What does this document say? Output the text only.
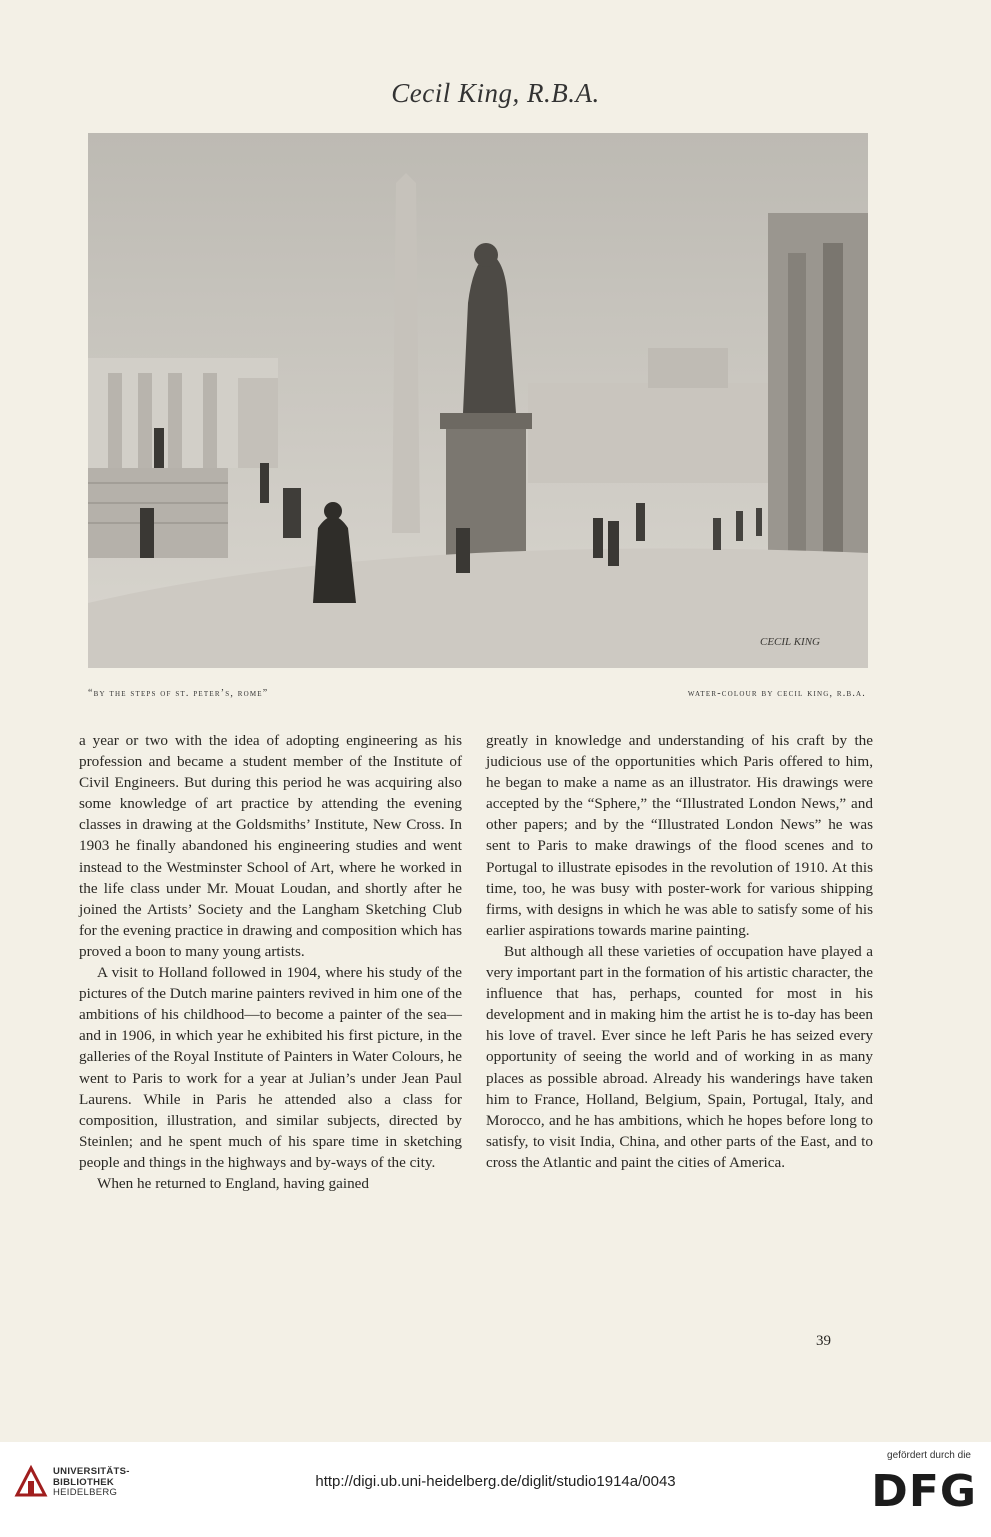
Cecil King, R.B.A.
CECIL KING
“by the steps of st. peter’s, rome”	water-colour by cecil king, r.b.a.

a year or two with the idea of adopting engineering as his profession and became a student member of the Institute of Civil Engineers. But during this period he was acquiring also some knowledge of art practice by attending the evening classes in drawing at the Goldsmiths’ Institute, New Cross. In 1903 he finally abandoned his engineering studies and went instead to the Westminster School of Art, where he worked in the life class under Mr. Mouat Loudan, and shortly after he joined the Artists’ Society and the Langham Sketching Club for the evening practice in drawing and composition which has proved a boon to many young artists.

A visit to Holland followed in 1904, where his study of the pictures of the Dutch marine painters revived in him one of the ambitions of his childhood—to become a painter of the sea—and in 1906, in which year he exhibited his first picture, in the galleries of the Royal Institute of Painters in Water Colours, he went to Paris to work for a year at Julian’s under Jean Paul Laurens. While in Paris he attended also a class for composition, illustration, and similar subjects, directed by Steinlen; and he spent much of his spare time in sketching people and things in the highways and by-ways of the city.

When he returned to England, having gained

greatly in knowledge and understanding of his craft by the judicious use of the opportunities which Paris offered to him, he began to make a name as an illustrator. His drawings were accepted by the “Sphere,” the “Illustrated London News,” and other papers; and by the “Illustrated London News” he was sent to Paris to make drawings of the flood scenes and to Portugal to illustrate episodes in the revolution of 1910. At this time, too, he was busy with poster-work for various shipping firms, with designs in which he was able to satisfy some of his earlier aspirations towards marine painting.

But although all these varieties of occupation have played a very important part in the formation of his artistic character, the influence that has, perhaps, counted for most in his development and in making him the artist he is to-day has been his love of travel. Ever since he left Paris he has seized every opportunity of seeing the world and of working in as many places as possible abroad. Already his wanderings have taken him to France, Holland, Belgium, Spain, Portugal, Italy, and Morocco, and he has ambitions, which he hopes before long to satisfy, to visit India, China, and other parts of the East, and to cross the Atlantic and paint the cities of America.

39
UNIVERSITÄTS-
BIBLIOTHEK
HEIDELBERG
http://digi.ub.uni-heidelberg.de/diglit/studio1914a/0043
gefördert durch die
DFG
